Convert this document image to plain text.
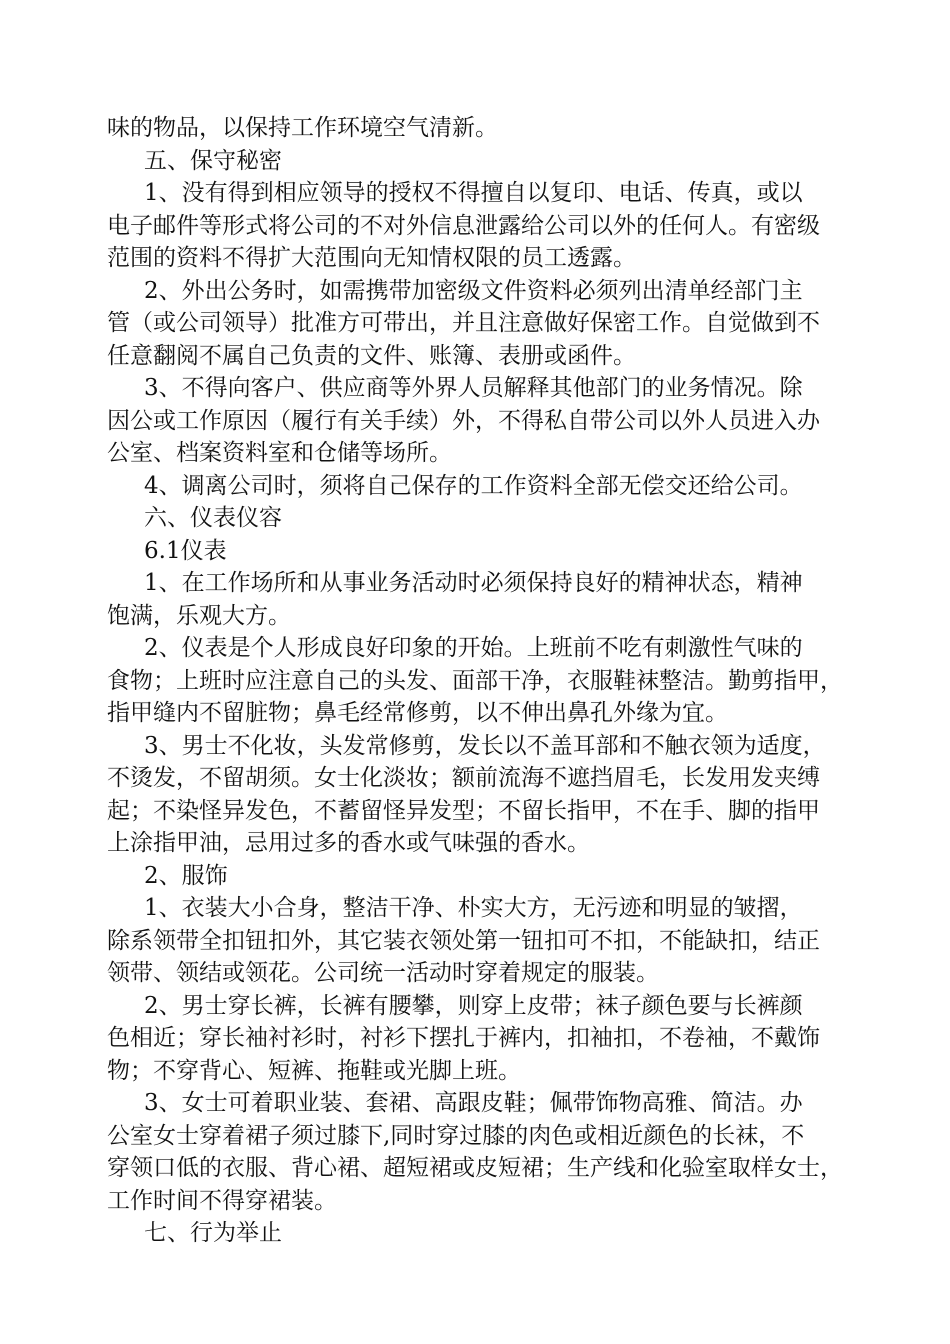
味的物品，以保持工作环境空气清新。
五、保守秘密
1、没有得到相应领导的授权不得擅自以复印、电话、传真，或以
电子邮件等形式将公司的不对外信息泄露给公司以外的任何人。有密级
范围的资料不得扩大范围向无知情权限的员工透露。
2、外出公务时，如需携带加密级文件资料必须列出清单经部门主
管（或公司领导）批准方可带出，并且注意做好保密工作。自觉做到不
任意翻阅不属自己负责的文件、账簿、表册或函件。
3、不得向客户、供应商等外界人员解释其他部门的业务情况。除
因公或工作原因（履行有关手续）外，不得私自带公司以外人员进入办
公室、档案资料室和仓储等场所。
4、调离公司时，须将自己保存的工作资料全部无偿交还给公司。
六、仪表仪容
6.1仪表
1、在工作场所和从事业务活动时必须保持良好的精神状态，精神
饱满，乐观大方。
2、仪表是个人形成良好印象的开始。上班前不吃有刺激性气味的
食物；上班时应注意自己的头发、面部干净，衣服鞋袜整洁。勤剪指甲，
指甲缝内不留脏物；鼻毛经常修剪，以不伸出鼻孔外缘为宜。
3、男士不化妆，头发常修剪，发长以不盖耳部和不触衣领为适度，
不烫发，不留胡须。女士化淡妆；额前流海不遮挡眉毛，长发用发夹缚
起；不染怪异发色，不蓄留怪异发型；不留长指甲，不在手、脚的指甲
上涂指甲油，忌用过多的香水或气味强的香水。
2、服饰
1、衣装大小合身，整洁干净、朴实大方，无污迹和明显的皱摺，
除系领带全扣钮扣外，其它装衣领处第一钮扣可不扣，不能缺扣，结正
领带、领结或领花。公司统一活动时穿着规定的服装。
2、男士穿长裤，长裤有腰攀，则穿上皮带；袜子颜色要与长裤颜
色相近；穿长袖衬衫时，衬衫下摆扎于裤内，扣袖扣，不卷袖，不戴饰
物；不穿背心、短裤、拖鞋或光脚上班。
3、女士可着职业装、套裙、高跟皮鞋；佩带饰物高雅、简洁。办
公室女士穿着裙子须过膝下,同时穿过膝的肉色或相近颜色的长袜，不
穿领口低的衣服、背心裙、超短裙或皮短裙；生产线和化验室取样女士，
工作时间不得穿裙装。
七、行为举止
